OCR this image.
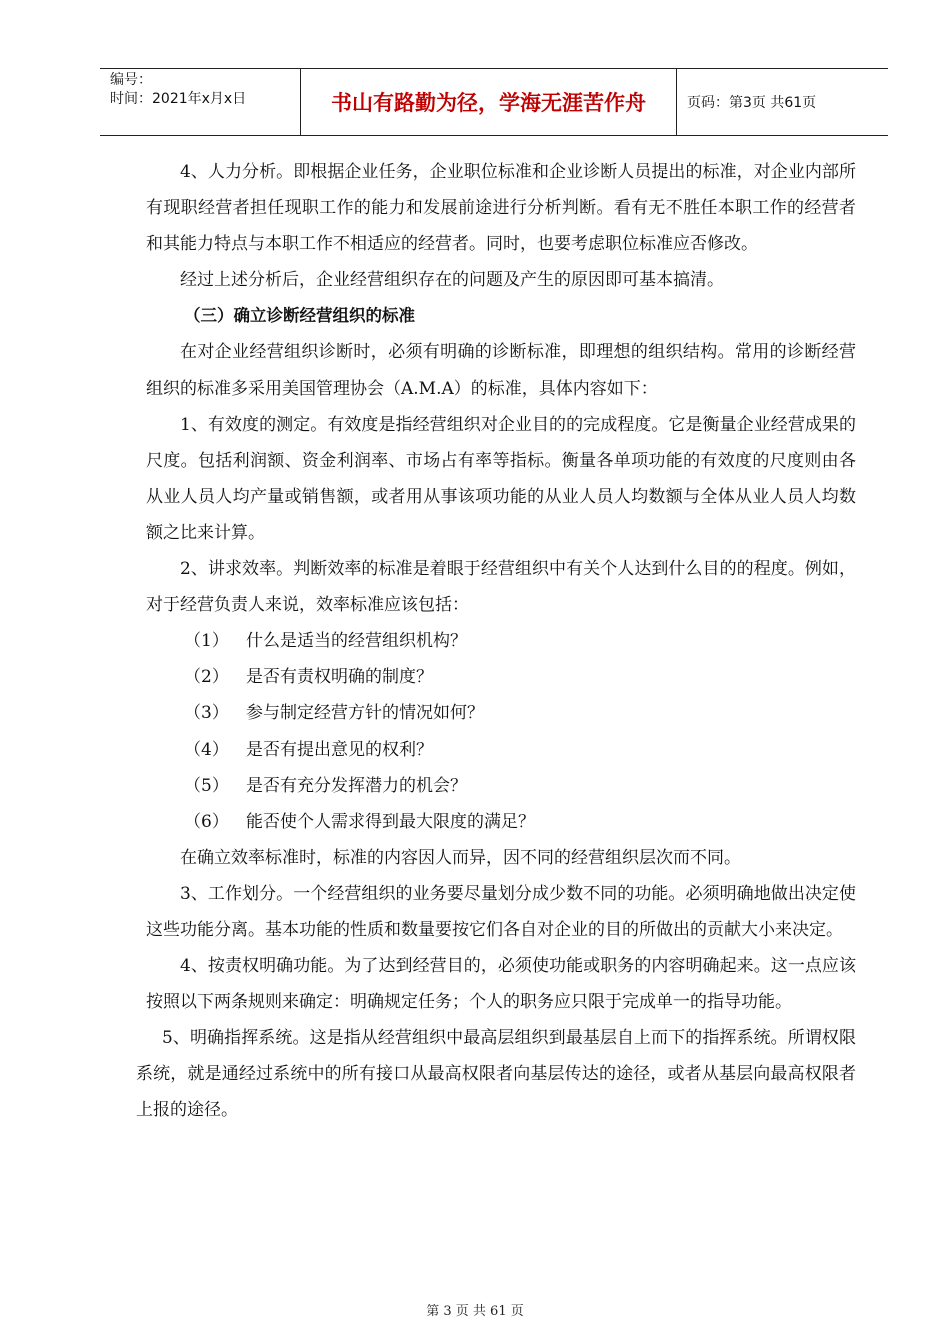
编号：
时间：2021年x月x日	书山有路勤为径，学海无涯苦作舟	页码：第3页 共61页

4、人力分析。即根据企业任务，企业职位标准和企业诊断人员提出的标准，对企业内部所有现职经营者担任现职工作的能力和发展前途进行分析判断。看有无不胜任本职工作的经营者和其能力特点与本职工作不相适应的经营者。同时，也要考虑职位标准应否修改。

经过上述分析后，企业经营组织存在的问题及产生的原因即可基本搞清。

（三）确立诊断经营组织的标准

在对企业经营组织诊断时，必须有明确的诊断标准，即理想的组织结构。常用的诊断经营组织的标准多采用美国管理协会（A.M.A）的标准，具体内容如下：

1、有效度的测定。有效度是指经营组织对企业目的的完成程度。它是衡量企业经营成果的尺度。包括利润额、资金利润率、市场占有率等指标。衡量各单项功能的有效度的尺度则由各从业人员人均产量或销售额，或者用从事该项功能的从业人员人均数额与全体从业人员人均数额之比来计算。

2、讲求效率。判断效率的标准是着眼于经营组织中有关个人达到什么目的的程度。例如，对于经营负责人来说，效率标准应该包括：

（1）	什么是适当的经营组织机构？
（2）	是否有责权明确的制度？
（3）	参与制定经营方针的情况如何？
（4）	是否有提出意见的权利？
（5）	是否有充分发挥潜力的机会？
（6）	能否使个人需求得到最大限度的满足？

在确立效率标准时，标准的内容因人而异，因不同的经营组织层次而不同。

3、工作划分。一个经营组织的业务要尽量划分成少数不同的功能。必须明确地做出决定使这些功能分离。基本功能的性质和数量要按它们各自对企业的目的所做出的贡献大小来决定。

4、按责权明确功能。为了达到经营目的，必须使功能或职务的内容明确起来。这一点应该按照以下两条规则来确定：明确规定任务；个人的职务应只限于完成单一的指导功能。

5、明确指挥系统。这是指从经营组织中最高层组织到最基层自上而下的指挥系统。所谓权限系统，就是通经过系统中的所有接口从最高权限者向基层传达的途径，或者从基层向最高权限者上报的途径。

第 3 页 共 61 页
